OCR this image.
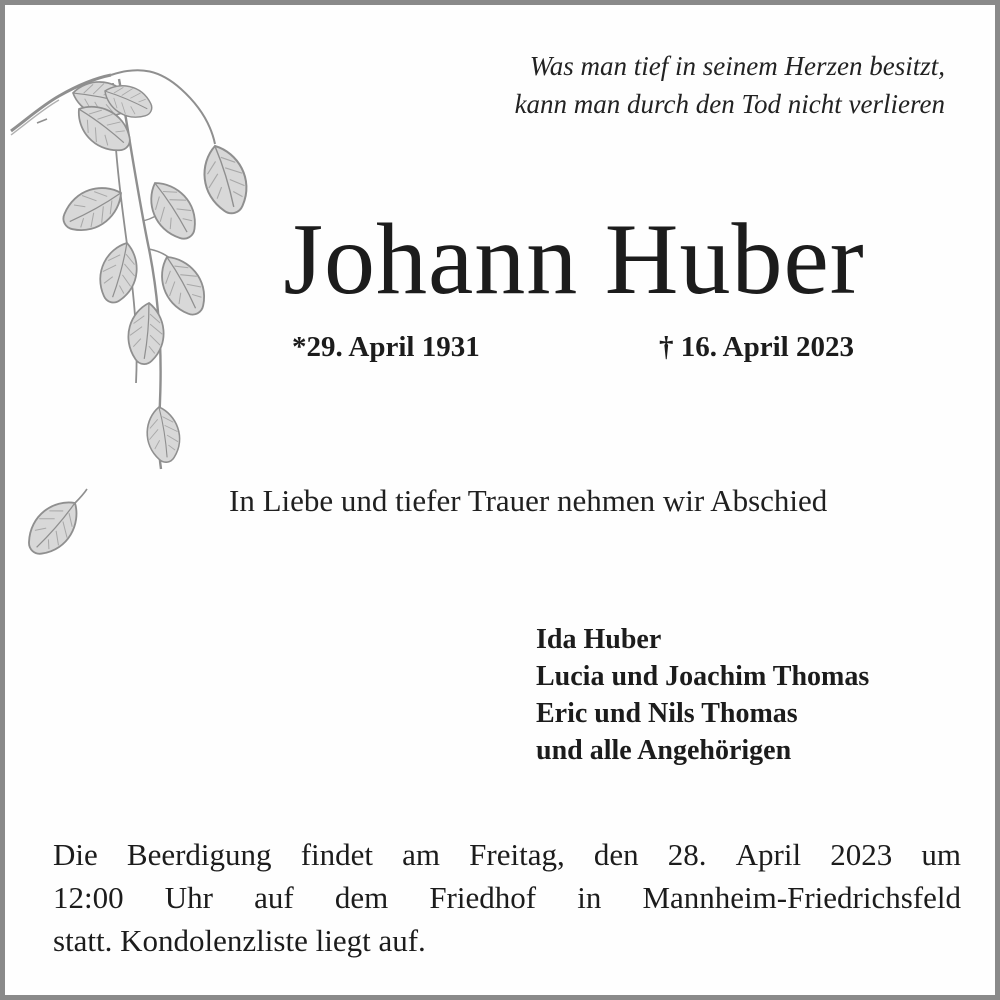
Was man tief in seinem Herzen besitzt,
kann man durch den Tod nicht verlieren
Johann Huber
*29. April 1931	† 16. April 2023
In Liebe und tiefer Trauer nehmen wir Abschied
Ida Huber
Lucia und Joachim Thomas
Eric und Nils Thomas
und alle Angehörigen
Die Beerdigung findet am Freitag, den 28. April 2023 um
12:00 Uhr auf dem Friedhof in Mannheim-Friedrichsfeld
statt. Kondolenzliste liegt auf.
